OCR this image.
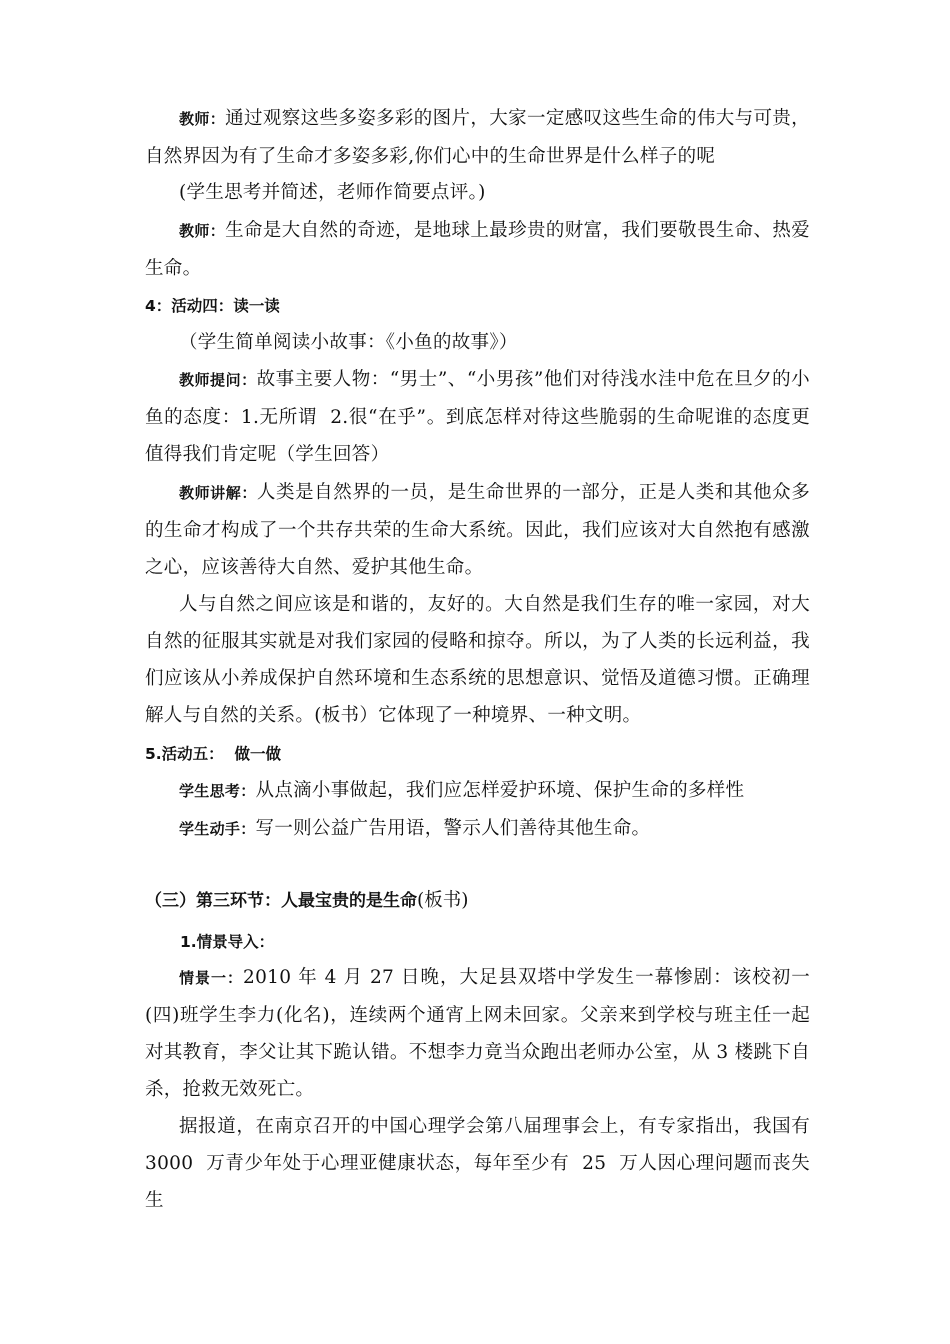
教师：通过观察这些多姿多彩的图片，大家一定感叹这些生命的伟大与可贵，自然界因为有了生命才多姿多彩,你们心中的生命世界是什么样子的呢
(学生思考并简述，老师作简要点评。)
教师：生命是大自然的奇迹，是地球上最珍贵的财富，我们要敬畏生命、热爱生命。
4：活动四：读一读
（学生简单阅读小故事：《小鱼的故事》）
教师提问：故事主要人物：“男士”、“小男孩”他们对待浅水洼中危在旦夕的小鱼的态度：1.无所谓  2.很“在乎”。到底怎样对待这些脆弱的生命呢谁的态度更值得我们肯定呢（学生回答）
教师讲解：人类是自然界的一员，是生命世界的一部分，正是人类和其他众多的生命才构成了一个共存共荣的生命大系统。因此，我们应该对大自然抱有感激之心，应该善待大自然、爱护其他生命。
人与自然之间应该是和谐的，友好的。大自然是我们生存的唯一家园，对大自然的征服其实就是对我们家园的侵略和掠夺。所以，为了人类的长远利益，我们应该从小养成保护自然环境和生态系统的思想意识、觉悟及道德习惯。正确理解人与自然的关系。(板书）它体现了一种境界、一种文明。
5.活动五：  做一做
学生思考：从点滴小事做起，我们应怎样爱护环境、保护生命的多样性
学生动手：写一则公益广告用语，警示人们善待其他生命。
（三）第三环节：人最宝贵的是生命(板书)
1.情景导入：
情景一：2010 年 4 月 27 日晚，大足县双塔中学发生一幕惨剧：该校初一(四)班学生李力(化名)，连续两个通宵上网未回家。父亲来到学校与班主任一起对其教育，李父让其下跪认错。不想李力竟当众跑出老师办公室，从 3 楼跳下自杀，抢救无效死亡。
据报道，在南京召开的中国心理学会第八届理事会上，有专家指出，我国有3000  万青少年处于心理亚健康状态，每年至少有  25  万人因心理问题而丧失生
